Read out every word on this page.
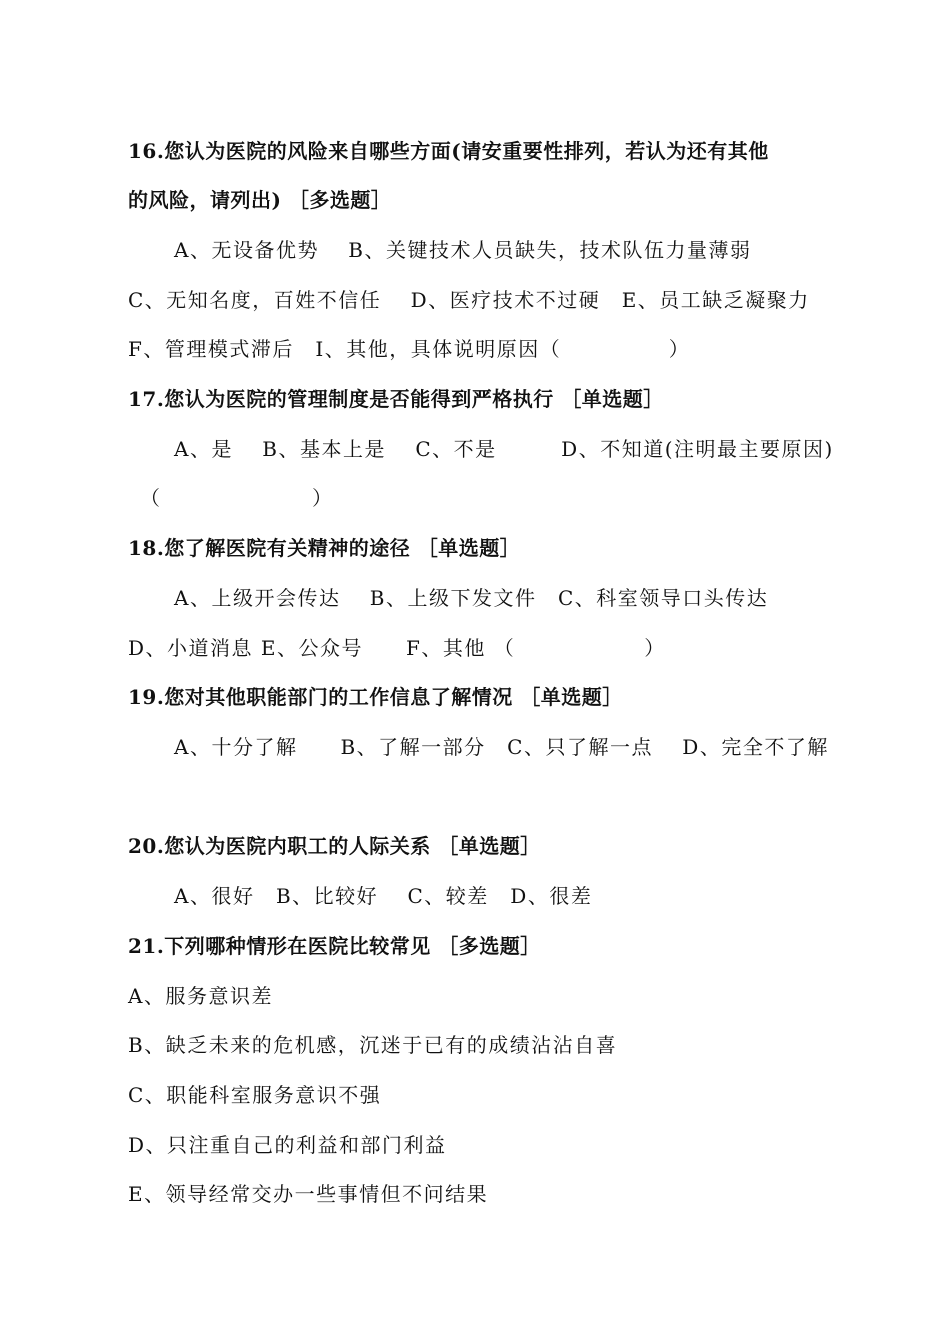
16.您认为医院的风险来自哪些方面(请安重要性排列，若认为还有其他
的风险，请列出) ［多选题］
A、无设备优势　 B、关键技术人员缺失，技术队伍力量薄弱
C、无知名度，百姓不信任　 D、医疗技术不过硬　E、员工缺乏凝聚力
F、管理模式滞后　I、其他，具体说明原因（　　　　　）
17.您认为医院的管理制度是否能得到严格执行 ［单选题］
A、是　 B、基本上是　 C、不是　　　D、不知道(注明最主要原因)
（　　　　　　　）
18.您了解医院有关精神的途径 ［单选题］
A、上级开会传达　 B、上级下发文件　C、科室领导口头传达
D、小道消息 E、公众号　　F、其他 （　　　　　　）
19.您对其他职能部门的工作信息了解情况 ［单选题］
A、十分了解　　B、了解一部分　C、只了解一点　 D、完全不了解
20.您认为医院内职工的人际关系 ［单选题］
A、很好　B、比较好　 C、较差　D、很差
21.下列哪种情形在医院比较常见 ［多选题］
A、服务意识差
B、缺乏未来的危机感，沉迷于已有的成绩沾沾自喜
C、职能科室服务意识不强
D、只注重自己的利益和部门利益
E、领导经常交办一些事情但不问结果
